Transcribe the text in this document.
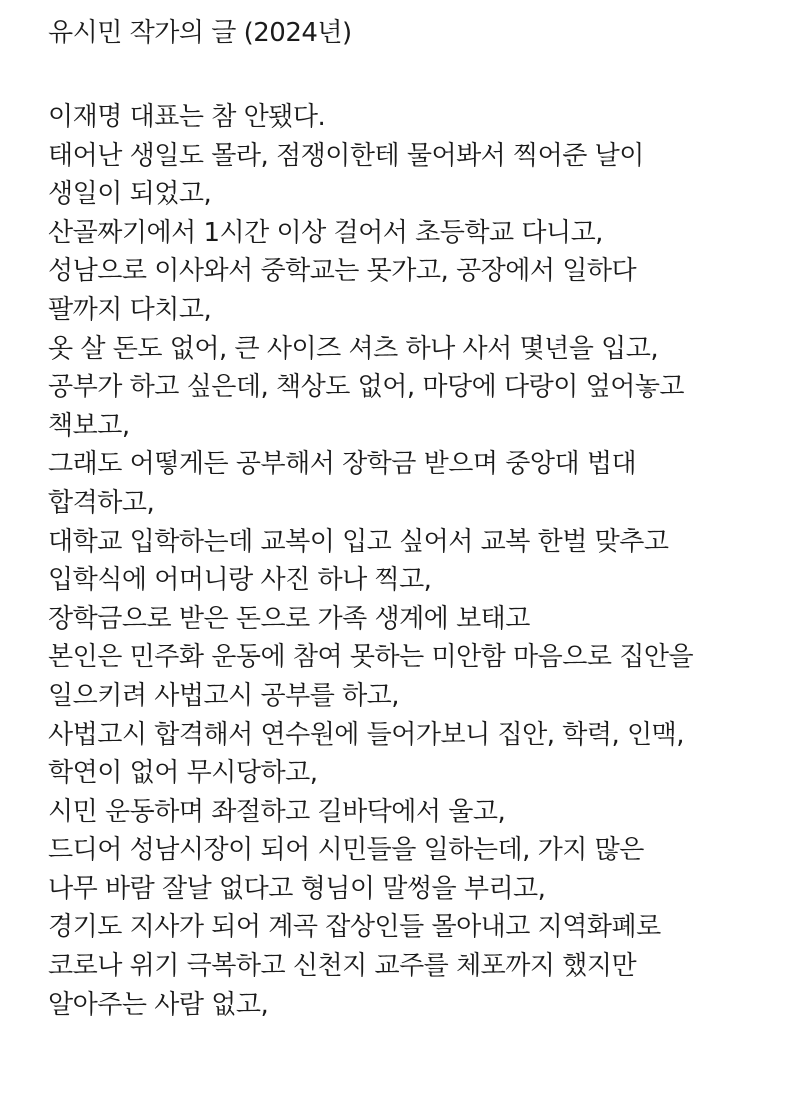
유시민 작가의 글 (2024년)
이재명 대표는 참 안됐다.
태어난 생일도 몰라, 점쟁이한테 물어봐서 찍어준 날이
생일이 되었고,
산골짜기에서 1시간 이상 걸어서 초등학교 다니고,
성남으로 이사와서 중학교는 못가고, 공장에서 일하다
팔까지 다치고,
옷 살 돈도 없어, 큰 사이즈 셔츠 하나 사서 몇년을 입고,
공부가 하고 싶은데, 책상도 없어, 마당에 다랑이 엎어놓고
책보고,
그래도 어떻게든 공부해서 장학금 받으며 중앙대 법대
합격하고,
대학교 입학하는데 교복이 입고 싶어서 교복 한벌 맞추고
입학식에 어머니랑 사진 하나 찍고,
장학금으로 받은 돈으로 가족 생계에 보태고
본인은 민주화 운동에 참여 못하는 미안함 마음으로 집안을
일으키려 사법고시 공부를 하고,
사법고시 합격해서 연수원에 들어가보니 집안, 학력, 인맥,
학연이 없어 무시당하고,
시민 운동하며 좌절하고 길바닥에서 울고,
드디어 성남시장이 되어 시민들을 일하는데, 가지 많은
나무 바람 잘날 없다고 형님이 말썽을 부리고,
경기도 지사가 되어 계곡 잡상인들 몰아내고 지역화폐로
코로나 위기 극복하고 신천지 교주를 체포까지 했지만
알아주는 사람 없고,
